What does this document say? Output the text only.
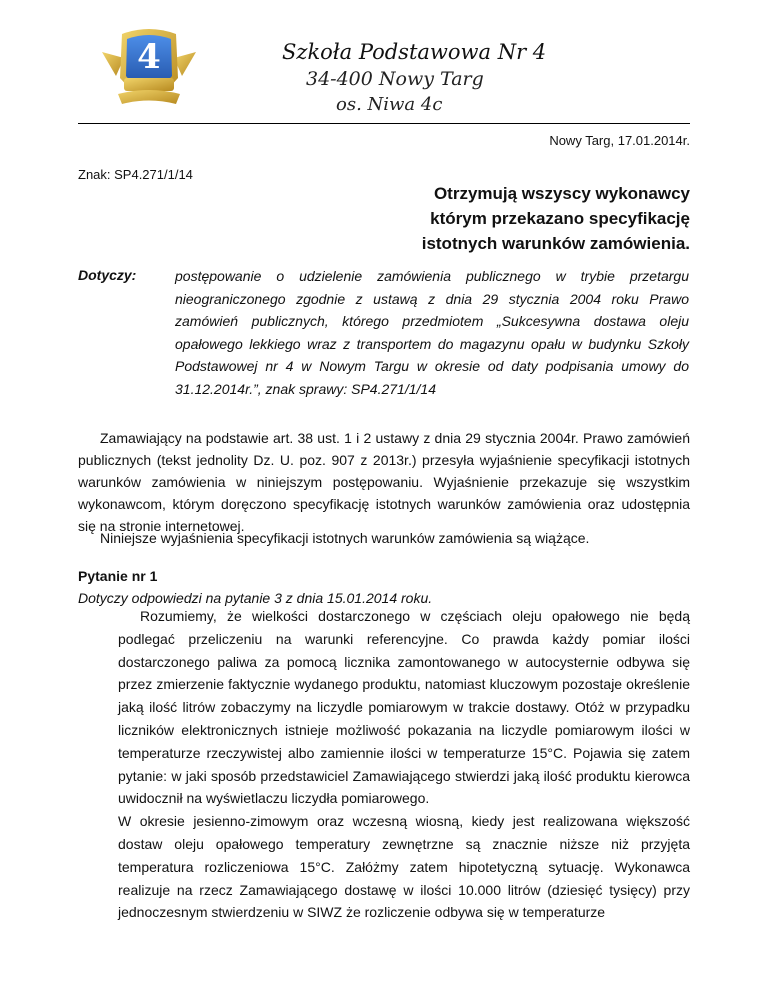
4	Szkoła Podstawowa Nr 4
34-400 Nowy Targ
os. Niwa 4c
Nowy Targ, 17.01.2014r.
Znak: SP4.271/1/14
Otrzymują wszyscy wykonawcy
którym przekazano specyfikację
istotnych warunków zamówienia.
Dotyczy:	postępowanie o udzielenie zamówienia publicznego w trybie przetargu nieograniczonego zgodnie z ustawą z dnia 29 stycznia 2004 roku Prawo zamówień publicznych, którego przedmiotem „Sukcesywna dostawa oleju opałowego lekkiego wraz z transportem do magazynu opału w budynku Szkoły Podstawowej nr 4 w Nowym Targu w okresie od daty podpisania umowy do 31.12.2014r.”, znak sprawy: SP4.271/1/14

Zamawiający na podstawie art. 38 ust. 1 i 2 ustawy z dnia 29 stycznia 2004r. Prawo zamówień publicznych (tekst jednolity Dz. U. poz. 907 z 2013r.) przesyła wyjaśnienie specyfikacji istotnych warunków zamówienia w niniejszym postępowaniu. Wyjaśnienie przekazuje się wszystkim wykonawcom, którym doręczono specyfikację istotnych warunków zamówienia oraz udostępnia się na stronie internetowej.

Niniejsze wyjaśnienia specyfikacji istotnych warunków zamówienia są wiążące.

Pytanie nr 1
Dotyczy odpowiedzi na pytanie 3 z dnia 15.01.2014 roku.

Rozumiemy, że wielkości dostarczonego w częściach oleju opałowego nie będą podlegać przeliczeniu na warunki referencyjne. Co prawda każdy pomiar ilości dostarczonego paliwa za pomocą licznika zamontowanego w autocysternie odbywa się przez zmierzenie faktycznie wydanego produktu, natomiast kluczowym pozostaje określenie jaką ilość litrów zobaczymy na liczydle pomiarowym w trakcie dostawy. Otóż w przypadku liczników elektronicznych istnieje możliwość pokazania na liczydle pomiarowym ilości w temperaturze rzeczywistej albo zamiennie ilości w temperaturze 15°C. Pojawia się zatem pytanie: w jaki sposób przedstawiciel Zamawiającego stwierdzi jaką ilość produktu kierowca uwidocznił na wyświetlaczu liczydła pomiarowego.

W okresie jesienno-zimowym oraz wczesną wiosną, kiedy jest realizowana większość dostaw oleju opałowego temperatury zewnętrzne są znacznie niższe niż przyjęta temperatura rozliczeniowa 15°C. Załóżmy zatem hipotetyczną sytuację. Wykonawca realizuje na rzecz Zamawiającego dostawę w ilości 10.000 litrów (dziesięć tysięcy) przy jednoczesnym stwierdzeniu w SIWZ że rozliczenie odbywa się w temperaturze
